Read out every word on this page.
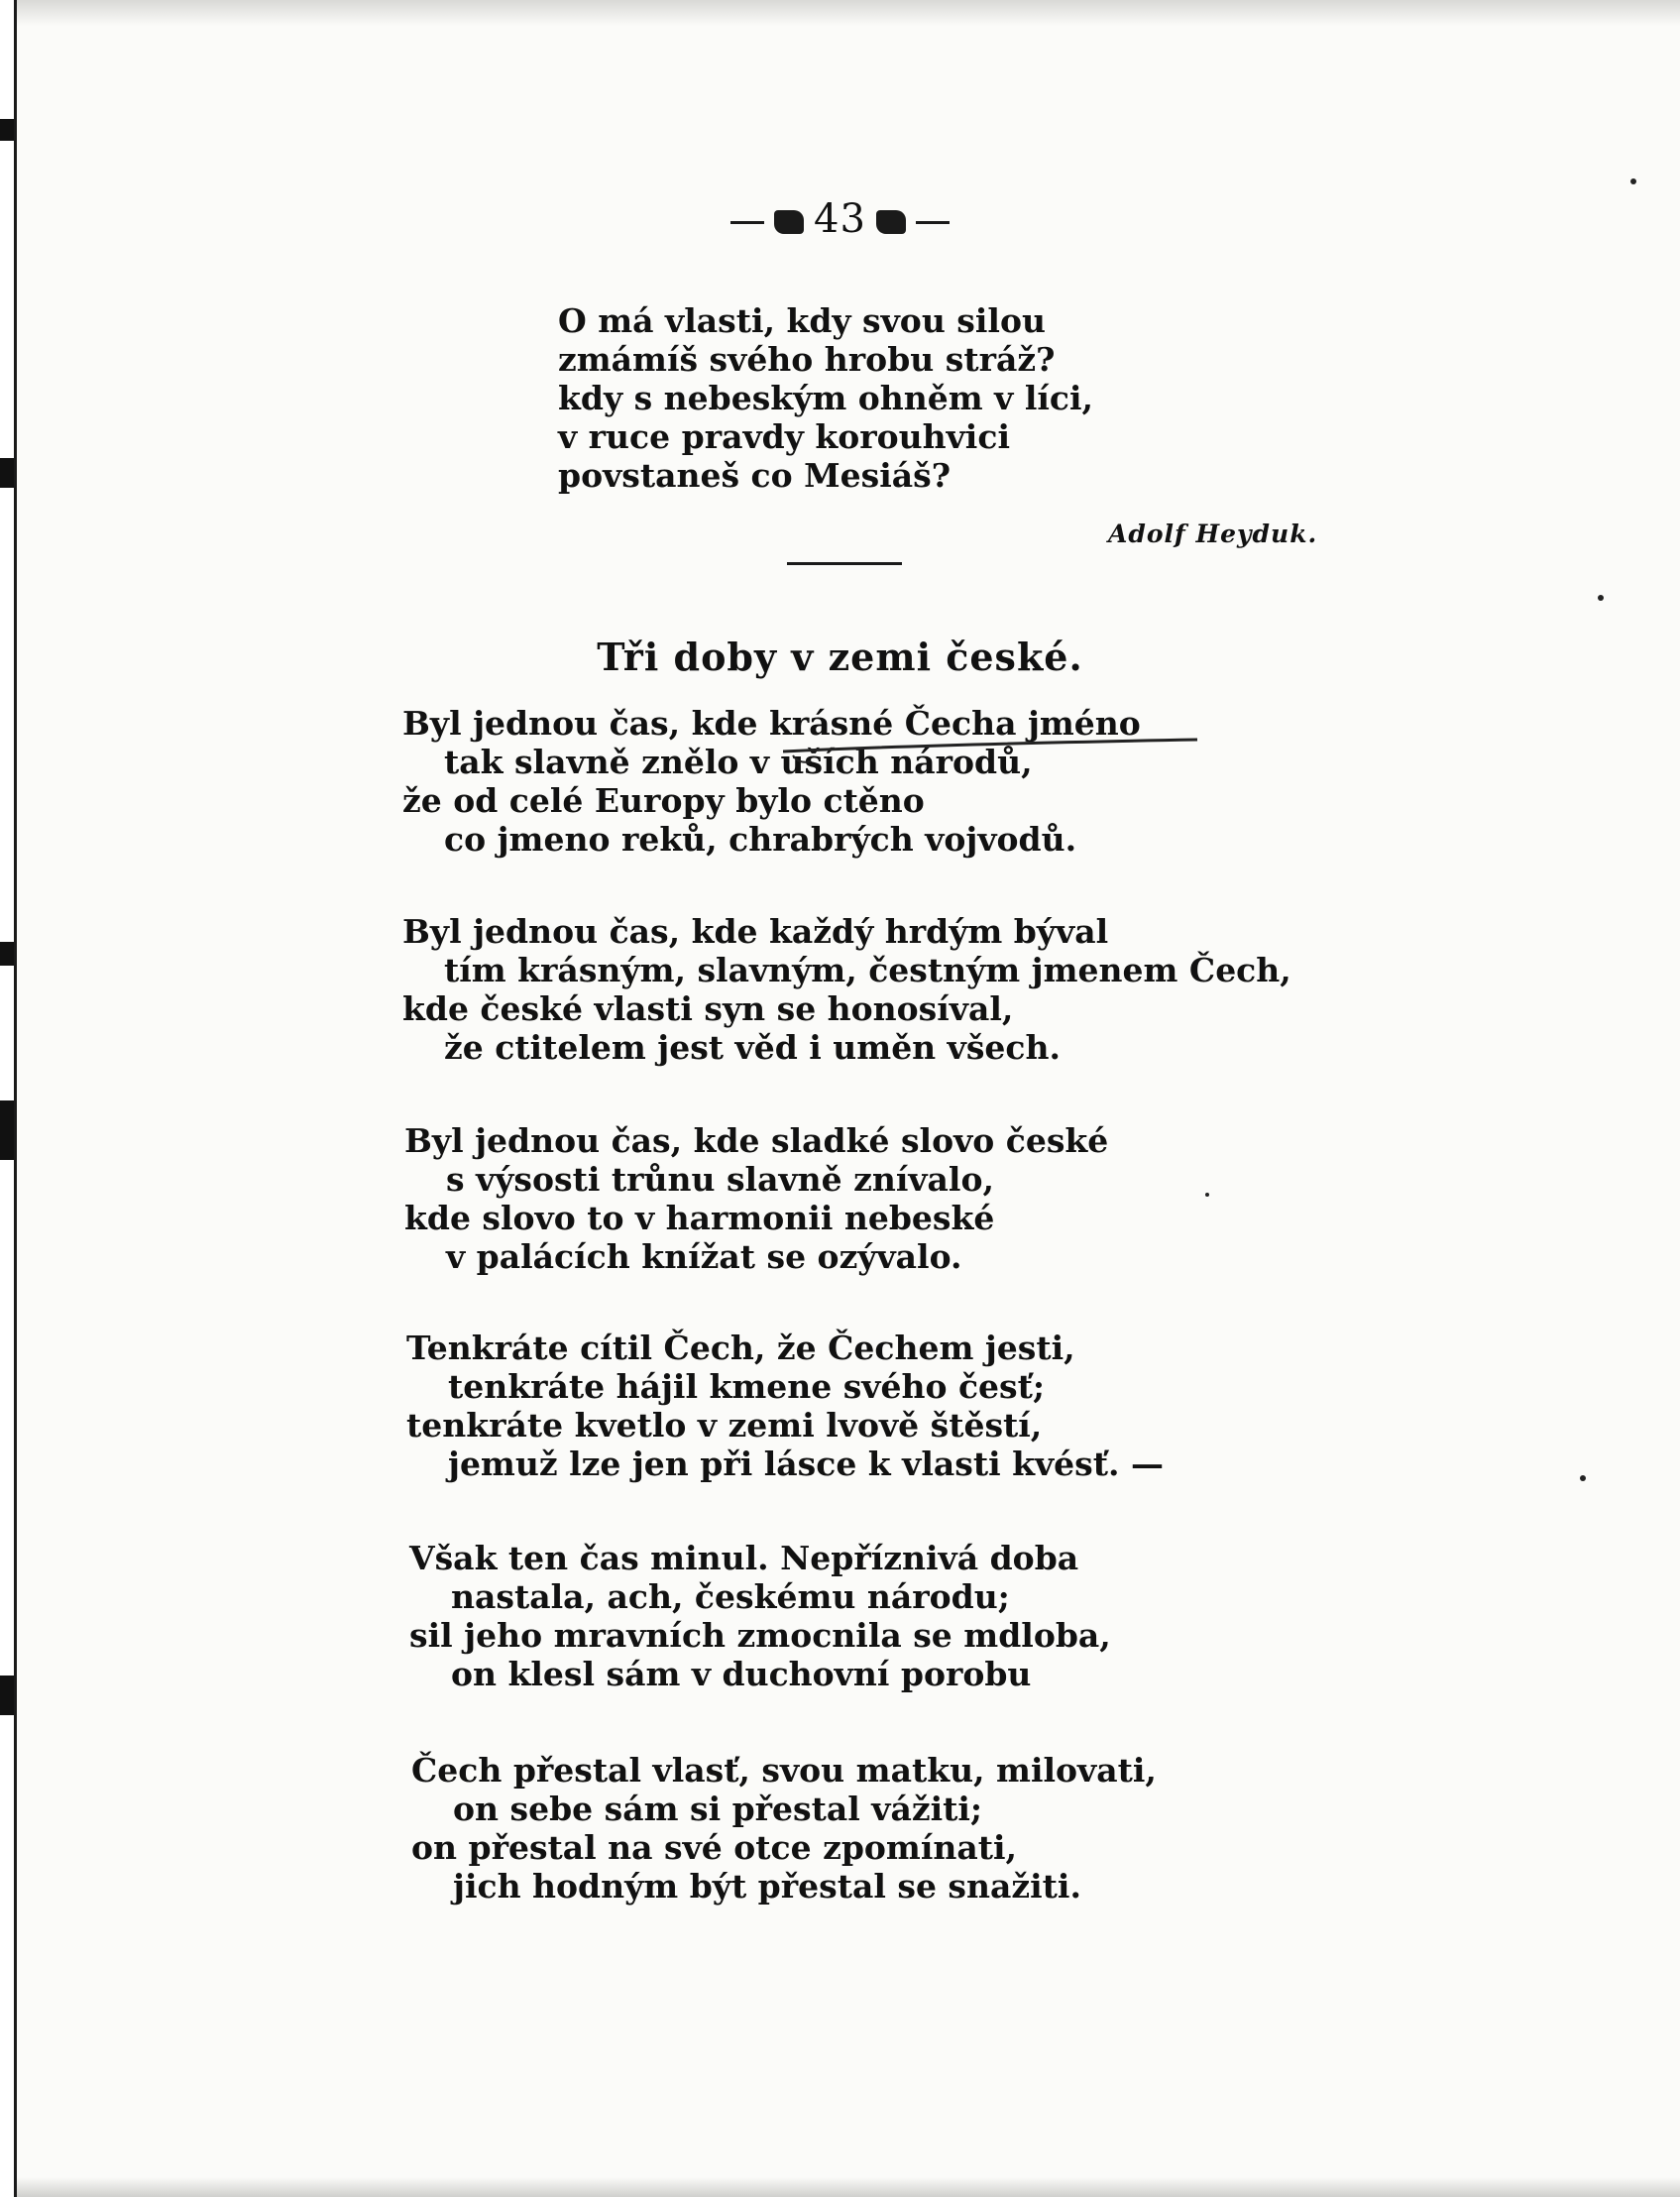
43
O má vlasti, kdy svou silou
zmámíš svého hrobu stráž?
kdy s nebeským ohněm v líci,
v ruce pravdy korouhvici
povstaneš co Mesiáš?
Adolf Heyduk.
Tři doby v zemi české.
Byl jednou čas, kde krásné Čecha jméno
tak slavně znělo v uších národů,
že od celé Europy bylo ctěno
co jmeno reků, chrabrých vojvodů.
Byl jednou čas, kde každý hrdým býval
tím krásným, slavným, čestným jmenem Čech,
kde české vlasti syn se honosíval,
že ctitelem jest věd i uměn všech.
Byl jednou čas, kde sladké slovo české
s výsosti trůnu slavně znívalo,
kde slovo to v harmonii nebeské
v palácích knížat se ozývalo.
Tenkráte cítil Čech, že Čechem jesti,
tenkráte hájil kmene svého česť;
tenkráte kvetlo v zemi lvově štěstí,
jemuž lze jen při lásce k vlasti kvésť. —
Však ten čas minul. Nepříznivá doba
nastala, ach, českému národu;
sil jeho mravních zmocnila se mdloba,
on klesl sám v duchovní porobu
Čech přestal vlasť, svou matku, milovati,
on sebe sám si přestal vážiti;
on přestal na své otce zpomínati,
jich hodným být přestal se snažiti.
